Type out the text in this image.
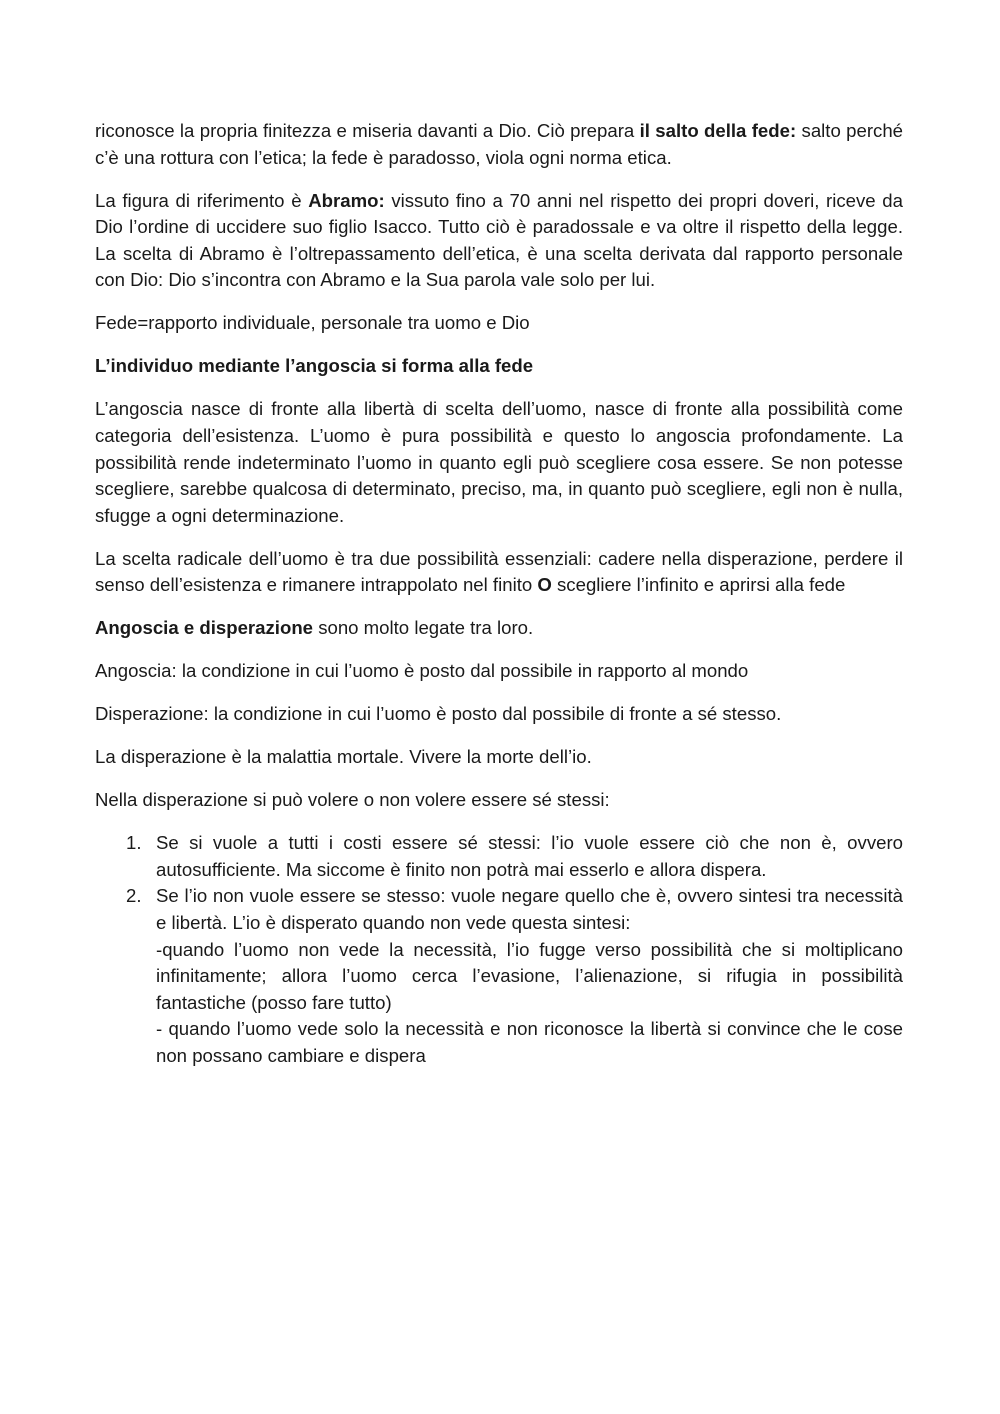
riconosce la propria finitezza e miseria davanti a Dio. Ciò prepara il salto della fede: salto perché c’è una rottura con l’etica; la fede è paradosso, viola ogni norma etica.

La figura di riferimento è Abramo: vissuto fino a 70 anni nel rispetto dei propri doveri, riceve da Dio l’ordine di uccidere suo figlio Isacco. Tutto ciò è paradossale e va oltre il rispetto della legge. La scelta di Abramo è l’oltrepassamento dell’etica, è una scelta derivata dal rapporto personale con Dio: Dio s’incontra con Abramo e la Sua parola vale solo per lui.

Fede=rapporto individuale, personale tra uomo e Dio

L’individuo mediante l’angoscia si forma alla fede

L’angoscia nasce di fronte alla libertà di scelta dell’uomo, nasce di fronte alla possibilità come categoria dell’esistenza. L’uomo è pura possibilità e questo lo angoscia profondamente. La possibilità rende indeterminato l’uomo in quanto egli può scegliere cosa essere. Se non potesse scegliere, sarebbe qualcosa di determinato, preciso, ma, in quanto può scegliere, egli non è nulla, sfugge a ogni determinazione.

La scelta radicale dell’uomo è tra due possibilità essenziali: cadere nella disperazione, perdere il senso dell’esistenza e rimanere intrappolato nel finito O scegliere l’infinito e aprirsi alla fede

Angoscia e disperazione sono molto legate tra loro.

Angoscia: la condizione in cui l’uomo è posto dal possibile in rapporto al mondo

Disperazione: la condizione in cui l’uomo è posto dal possibile di fronte a sé stesso.

La disperazione è la malattia mortale. Vivere la morte dell’io.

Nella disperazione si può volere o non volere essere sé stessi:

1. Se si vuole a tutti i costi essere sé stessi: l’io vuole essere ciò che non è, ovvero autosufficiente. Ma siccome è finito non potrà mai esserlo e allora dispera.
2. Se l’io non vuole essere se stesso: vuole negare quello che è, ovvero sintesi tra necessità e libertà. L’io è disperato quando non vede questa sintesi:
-quando l’uomo non vede la necessità, l’io fugge verso possibilità che si moltiplicano infinitamente; allora l’uomo cerca l’evasione, l’alienazione, si rifugia in possibilità fantastiche (posso fare tutto)
- quando l’uomo vede solo la necessità e non riconosce la libertà si convince che le cose non possano cambiare e dispera
